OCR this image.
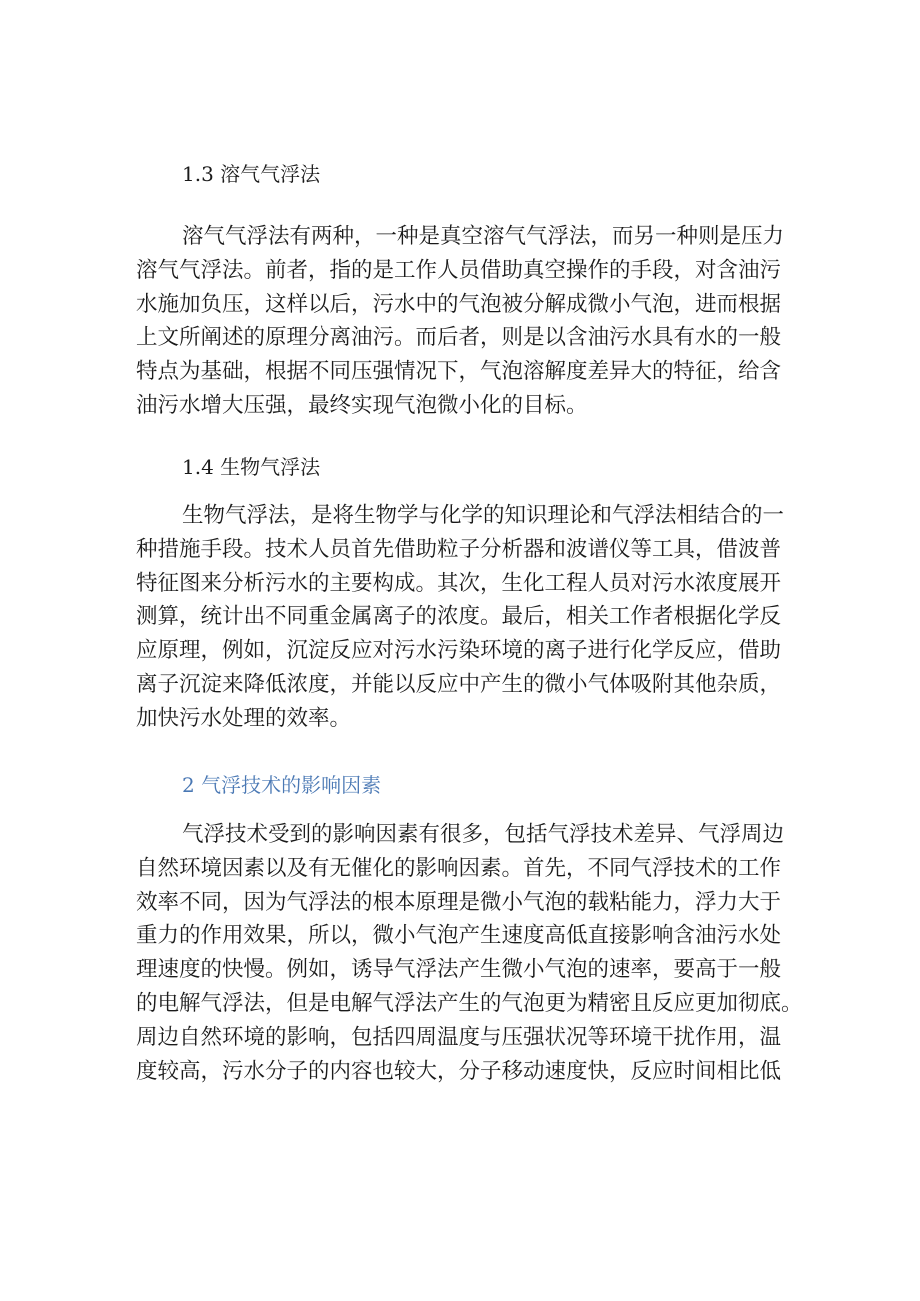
1.3 溶气气浮法
溶气气浮法有两种，一种是真空溶气气浮法，而另一种则是压力
溶气气浮法。前者，指的是工作人员借助真空操作的手段，对含油污
水施加负压，这样以后，污水中的气泡被分解成微小气泡，进而根据
上文所阐述的原理分离油污。而后者，则是以含油污水具有水的一般
特点为基础，根据不同压强情况下，气泡溶解度差异大的特征，给含
油污水增大压强，最终实现气泡微小化的目标。
1.4 生物气浮法
生物气浮法，是将生物学与化学的知识理论和气浮法相结合的一
种措施手段。技术人员首先借助粒子分析器和波谱仪等工具，借波普
特征图来分析污水的主要构成。其次，生化工程人员对污水浓度展开
测算，统计出不同重金属离子的浓度。最后，相关工作者根据化学反
应原理，例如，沉淀反应对污水污染环境的离子进行化学反应，借助
离子沉淀来降低浓度，并能以反应中产生的微小气体吸附其他杂质，
加快污水处理的效率。
2 气浮技术的影响因素
气浮技术受到的影响因素有很多，包括气浮技术差异、气浮周边
自然环境因素以及有无催化的影响因素。首先，不同气浮技术的工作
效率不同，因为气浮法的根本原理是微小气泡的载粘能力，浮力大于
重力的作用效果，所以，微小气泡产生速度高低直接影响含油污水处
理速度的快慢。例如，诱导气浮法产生微小气泡的速率，要高于一般
的电解气浮法，但是电解气浮法产生的气泡更为精密且反应更加彻底。
周边自然环境的影响，包括四周温度与压强状况等环境干扰作用，温
度较高，污水分子的内容也较大，分子移动速度快，反应时间相比低
